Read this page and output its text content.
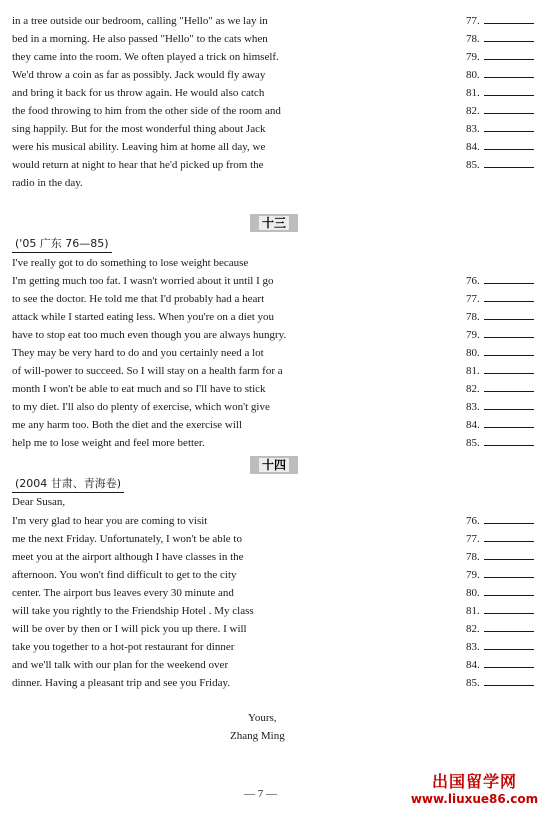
in a tree outside our bedroom, calling "Hello" as we lay in
bed in a morning. He also passed "Hello" to the cats when
they came into the room. We often played a trick on himself.
We'd throw a coin as far as possibly. Jack would fly away
and bring it back for us throw again. He would also catch
the food throwing to him from the other side of the room and
sing happily. But for the most wonderful thing about Jack
were his musical ability. Leaving him at home all day, we
would return at night to hear that he'd picked up from the
radio in the day.
77.
78.
79.
80.
81.
82.
83.
84.
85.
十三
('05 广东 76—85)
I've really got to do something to lose weight because
I'm getting much too fat. I wasn't worried about it until I go
to see the doctor. He told me that I'd probably had a heart
attack while I started eating less. When you're on a diet you
have to stop eat too much even though you are always hungry.
They may be very hard to do and you certainly need a lot
of will-power to succeed. So I will stay on a health farm for a
month I won't be able to eat much and so I'll have to stick
to my diet. I'll also do plenty of exercise, which won't give
me any harm too. Both the diet and the exercise will
help me to lose weight and feel more better.
76.
77.
78.
79.
80.
81.
82.
83.
84.
85.
十四
(2004 甘肃、青海卷)
Dear Susan,
I'm very glad to hear you are coming to visit
me the next Friday. Unfortunately, I won't be able to
meet you at the airport although I have classes in the
afternoon. You won't find difficult to get to the city
center. The airport bus leaves every 30 minute and
will take you rightly to the Friendship Hotel . My class
will be over by then or I will pick you up there. I will
take you together to a hot-pot restaurant for dinner
and we'll talk with our plan for the weekend over
dinner. Having a pleasant trip and see you Friday.
76.
77.
78.
79.
80.
81.
82.
83.
84.
85.
Yours,
Zhang Ming
— 7 —
出国留学网
www.liuxue86.com
